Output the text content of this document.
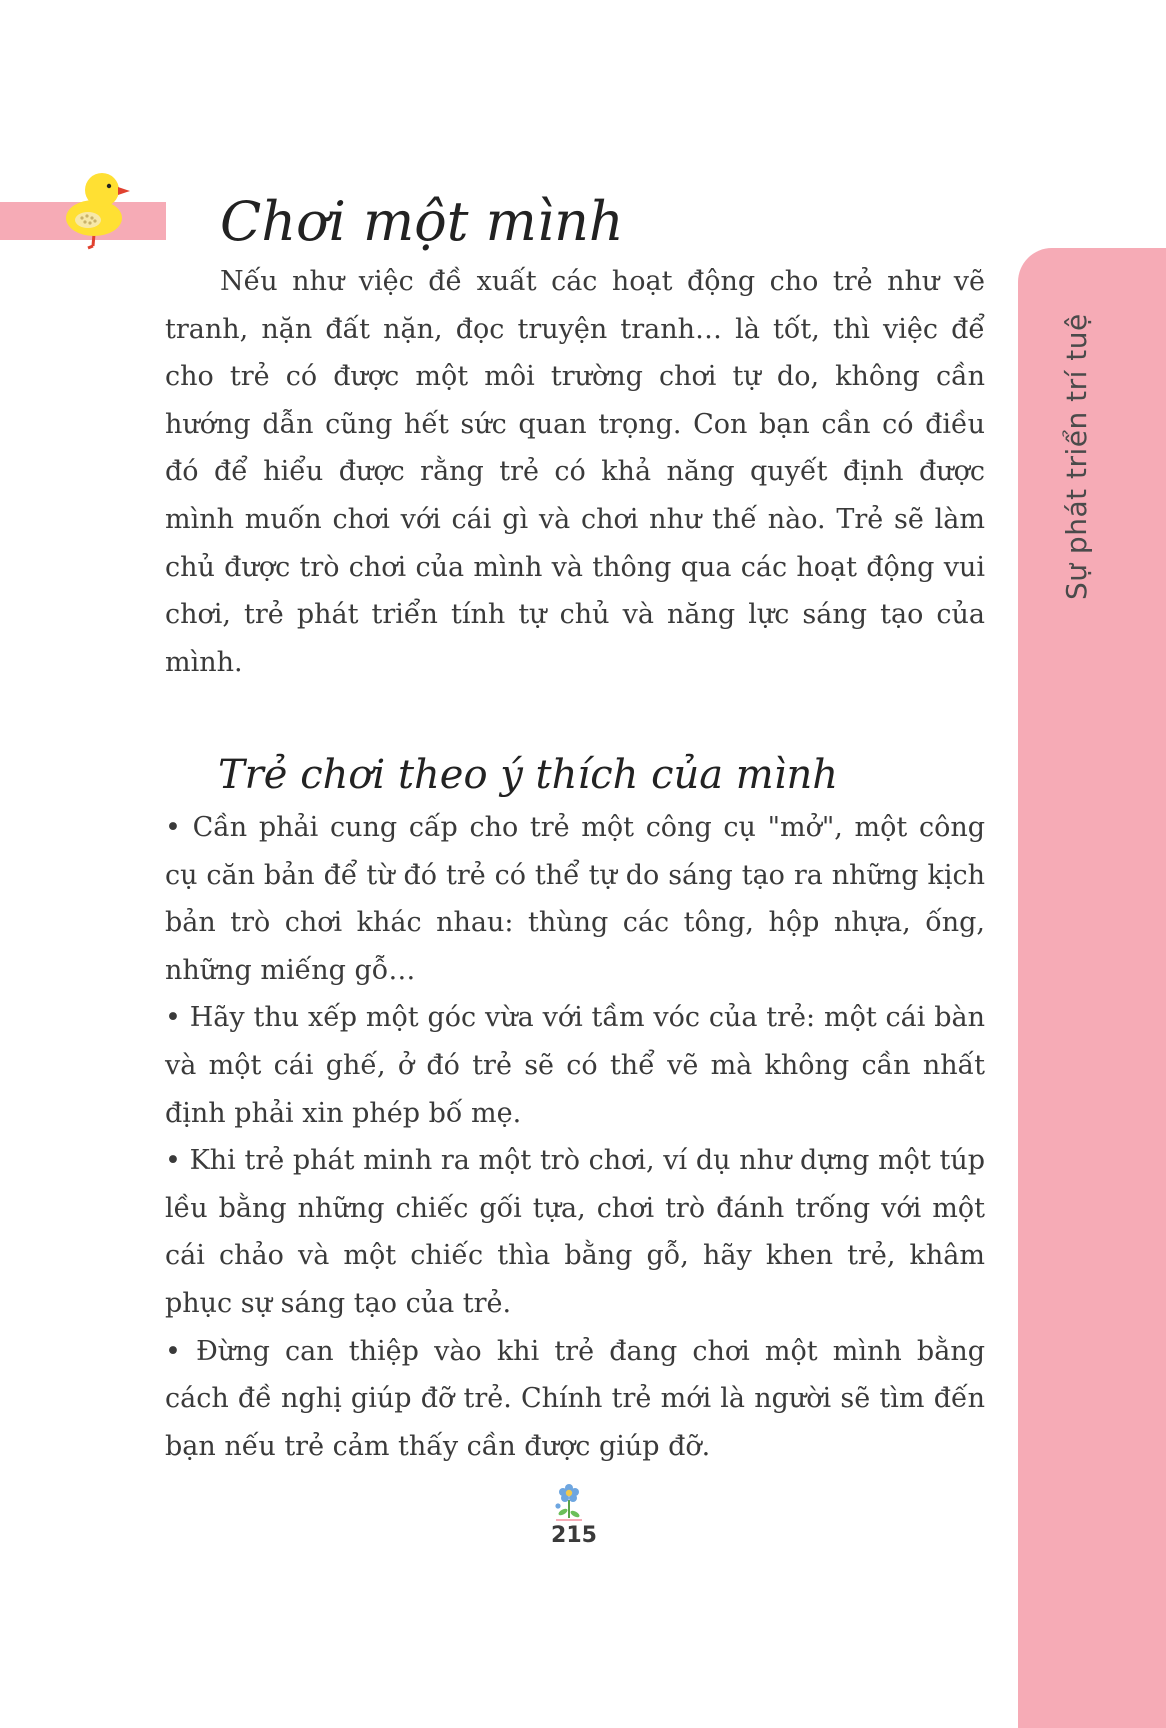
Chơi một mình

Nếu như việc đề xuất các hoạt động cho trẻ như vẽ tranh, nặn đất nặn, đọc truyện tranh… là tốt, thì việc để cho trẻ có được một môi trường chơi tự do, không cần hướng dẫn cũng hết sức quan trọng. Con bạn cần có điều đó để hiểu được rằng trẻ có khả năng quyết định được mình muốn chơi với cái gì và chơi như thế nào. Trẻ sẽ làm chủ được trò chơi của mình và thông qua các hoạt động vui chơi, trẻ phát triển tính tự chủ và năng lực sáng tạo của mình.

Trẻ chơi theo ý thích của mình
• Cần phải cung cấp cho trẻ một công cụ "mở", một công cụ căn bản để từ đó trẻ có thể tự do sáng tạo ra những kịch bản trò chơi khác nhau: thùng các tông, hộp nhựa, ống, những miếng gỗ…
• Hãy thu xếp một góc vừa với tầm vóc của trẻ: một cái bàn và một cái ghế, ở đó trẻ sẽ có thể vẽ mà không cần nhất định phải xin phép bố mẹ.
• Khi trẻ phát minh ra một trò chơi, ví dụ như dựng một túp lều bằng những chiếc gối tựa, chơi trò đánh trống với một cái chảo và một chiếc thìa bằng gỗ, hãy khen trẻ, khâm phục sự sáng tạo của trẻ.
• Đừng can thiệp vào khi trẻ đang chơi một mình bằng cách đề nghị giúp đỡ trẻ. Chính trẻ mới là người sẽ tìm đến bạn nếu trẻ cảm thấy cần được giúp đỡ.
Sự phát triển trí tuệ
215
